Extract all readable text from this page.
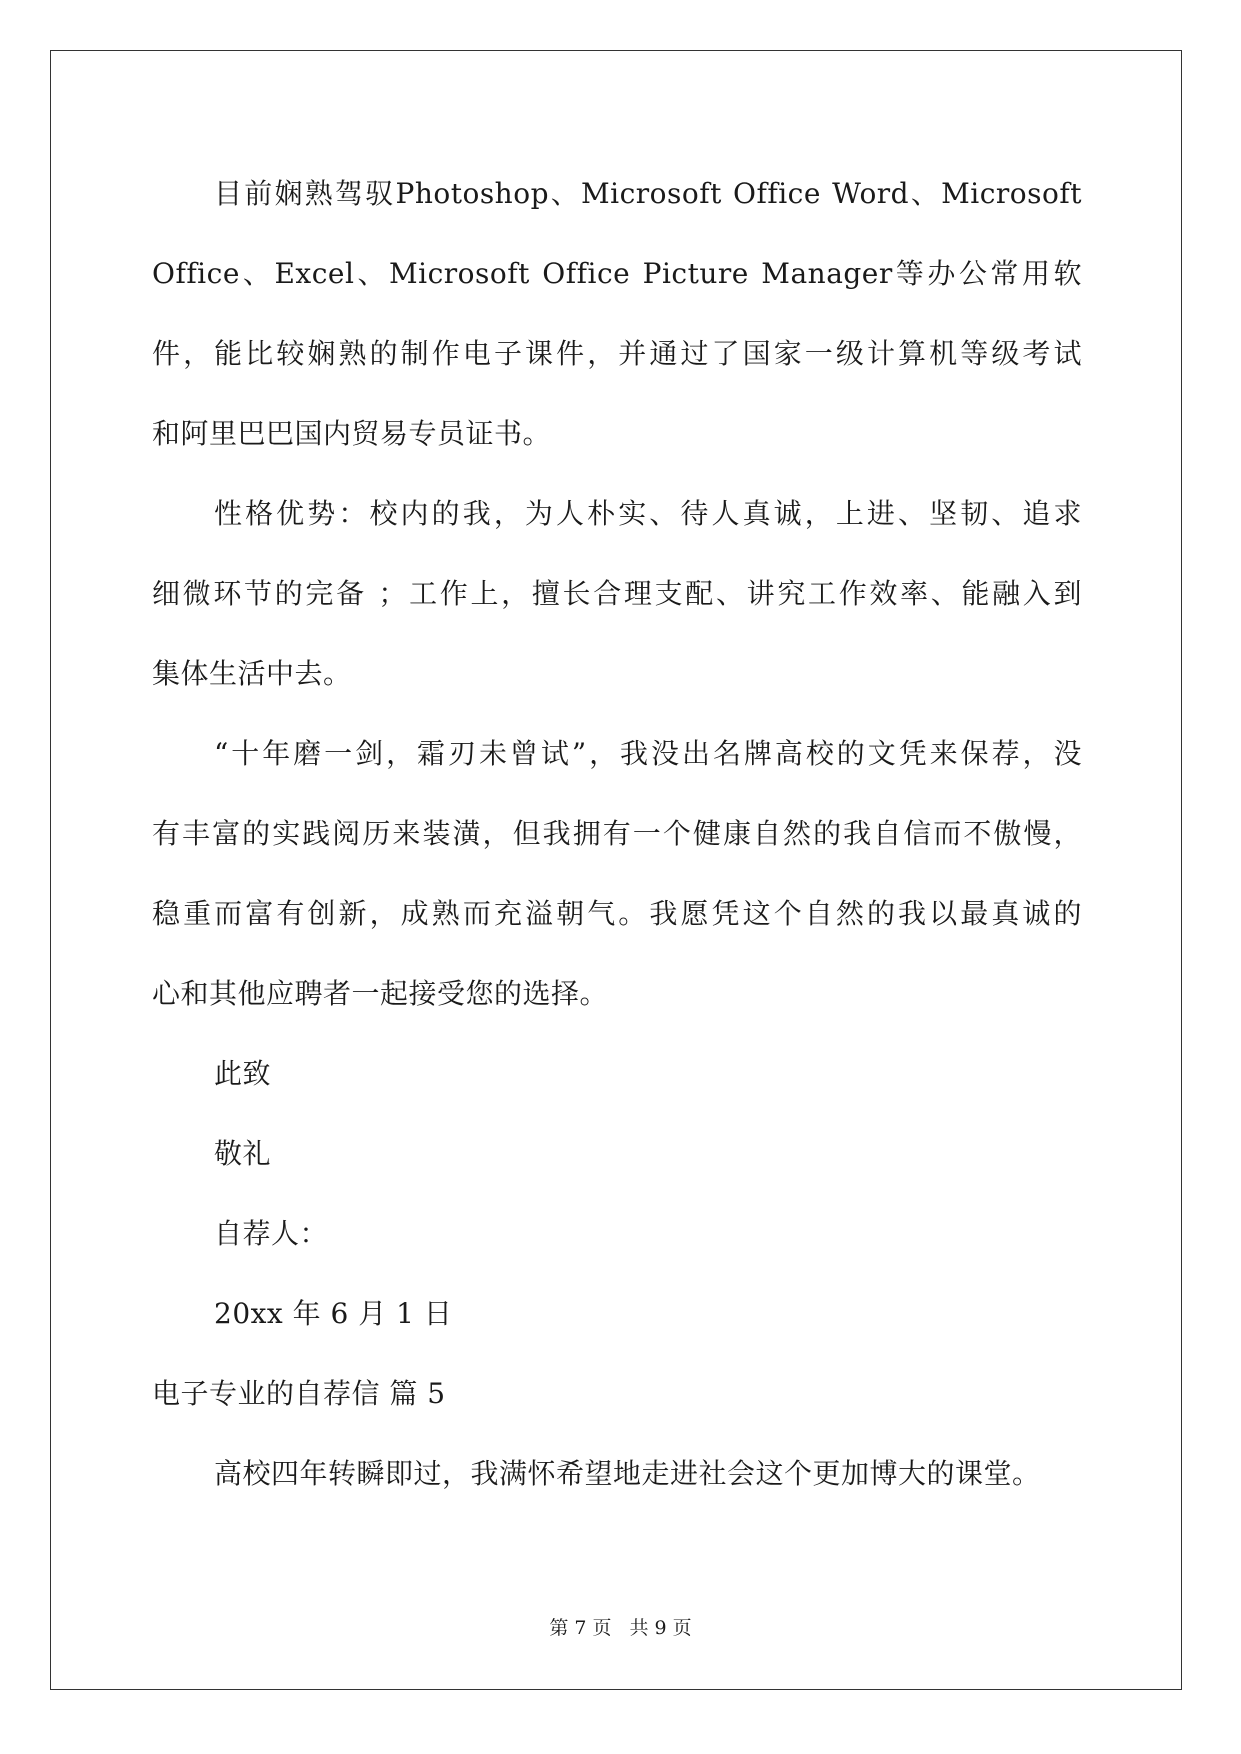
目前娴熟驾驭Photoshop、Microsoft Office Word、Microsoft
Office、Excel、Microsoft Office Picture Manager等办公常用软
件，能比较娴熟的制作电子课件，并通过了国家一级计算机等级考试
和阿里巴巴国内贸易专员证书。
性格优势：校内的我，为人朴实、待人真诚，上进、坚韧、追求
细微环节的完备 ；工作上，擅长合理支配、讲究工作效率、能融入到
集体生活中去。
“十年磨一剑，霜刃未曾试”，我没出名牌高校的文凭来保荐，没
有丰富的实践阅历来装潢，但我拥有一个健康自然的我自信而不傲慢，
稳重而富有创新，成熟而充溢朝气。我愿凭这个自然的我以最真诚的
心和其他应聘者一起接受您的选择。
此致
敬礼
自荐人：
20xx 年 6 月 1 日
电子专业的自荐信 篇 5
高校四年转瞬即过，我满怀希望地走进社会这个更加博大的课堂。
第 7 页 共 9 页
